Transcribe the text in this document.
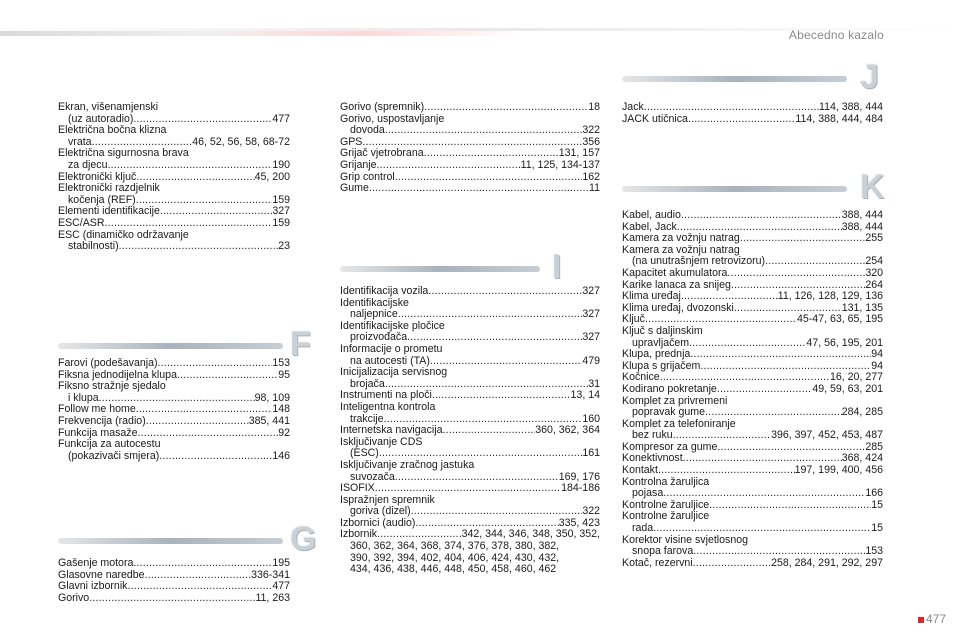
Abecedno kazalo
Ekran, višenamjenski
(uz autoradio) .....	477
Električna bočna klizna
vrata .....	46, 52, 56, 58, 68-72
Električna sigurnosna brava
za djecu .....	190
Elektronički ključ .....	45, 200
Elektronički razdjelnik
kočenja (REF) .....	159
Elementi identifikacije .....	327
ESC/ASR .....	159
ESC (dinamičko održavanje
stabilnosti) .....	23
F
Farovi (podešavanja) .....	153
Fiksna jednodijelna klupa .....	95
Fiksno stražnje sjedalo
i klupa .....	98, 109
Follow me home .....	148
Frekvencija (radio) .....	385, 441
Funkcija masaže .....	92
Funkcija za autocestu
(pokazivači smjera) .....	146
G
Gašenje motora .....	195
Glasovne naredbe .....	336-341
Glavni izbornik .....	477
Gorivo .....	11, 263
Gorivo (spremnik) .....	18
Gorivo, uspostavljanje
dovoda .....	322
GPS .....	356
Grijač vjetrobrana .....	131, 157
Grijanje .....	11, 125, 134-137
Grip control .....	162
Gume .....	11
I
Identifikacija vozila .....	327
Identifikacijske
naljepnice .....	327
Identifikacijske pločice
proizvođača .....	327
Informacije o prometu
na autocesti (TA) .....	479
Inicijalizacija servisnog
brojača .....	31
Instrumenti na ploči .....	13, 14
Inteligentna kontrola
trakcije .....	160
Internetska navigacija .....	360, 362, 364
Isključivanje CDS
(ESC) .....	161
Isključivanje zračnog jastuka
suvozača .....	169, 176
ISOFIX .....	184-186
Ispražnjen spremnik
goriva (dizel) .....	322
Izbornici (audio) .....	335, 423
Izbornik .....	342, 344, 346, 348, 350, 352,
360, 362, 364, 368, 374, 376, 378, 380, 382,
390, 392, 394, 402, 404, 406, 424, 430, 432,
434, 436, 438, 446, 448, 450, 458, 460, 462
J
Jack .....	114, 388, 444
JACK utičnica .....	114, 388, 444, 484
K
Kabel, audio .....	388, 444
Kabel, Jack .....	388, 444
Kamera za vožnju natrag .....	255
Kamera za vožnju natrag
(na unutrašnjem retrovizoru) .....	254
Kapacitet akumulatora .....	320
Karike lanaca za snijeg .....	264
Klima uređaj .....	11, 126, 128, 129, 136
Klima uređaj, dvozonski .....	131, 135
Ključ .....	45-47, 63, 65, 195
Ključ s daljinskim
upravljačem .....	47, 56, 195, 201
Klupa, prednja .....	94
Klupa s grijačem .....	94
Kočnice .....	16, 20, 277
Kodirano pokretanje .....	49, 59, 63, 201
Komplet za privremeni
popravak gume .....	284, 285
Komplet za telefoniranje
bez ruku .....	396, 397, 452, 453, 487
Kompresor za gume .....	285
Konektivnost .....	368, 424
Kontakt .....	197, 199, 400, 456
Kontrolna žaruljica
pojasa .....	166
Kontrolne žaruljice .....	15
Kontrolne žaruljice
rada .....	15
Korektor visine svjetlosnog
snopa farova .....	153
Kotač, rezervni .....	258, 284, 291, 292, 297
477
